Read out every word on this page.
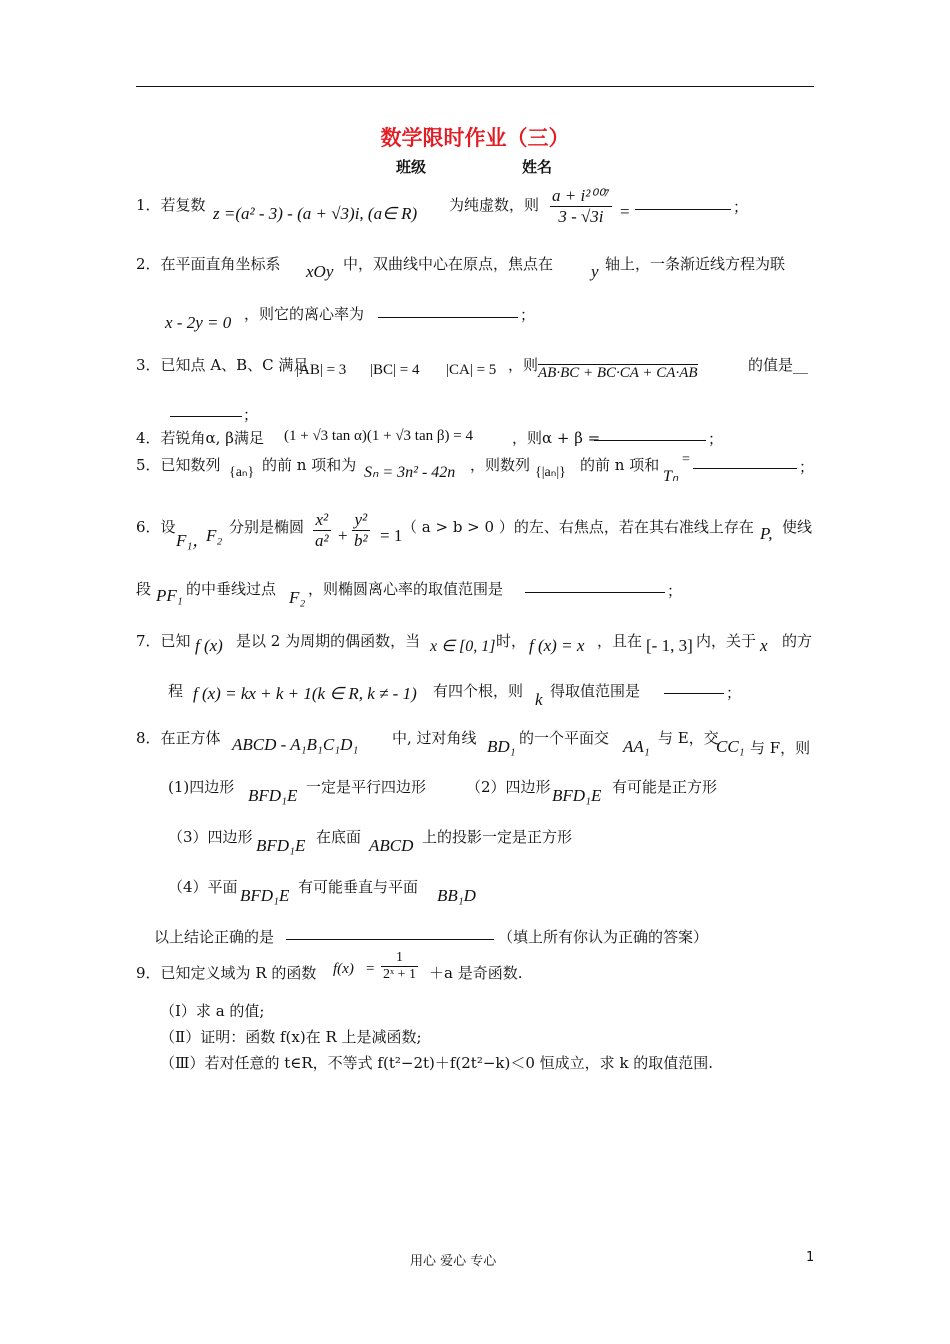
数学限时作业（三）
班级	姓名
1．若复数 z =(a² - 3) - (a + √3)i, (a∈ R) 为纯虚数，则 $\frac{\text{a + i²⁰⁰⁷}}{3 - √3i}$ =	；
2．在平面直角坐标系 xOy 中，双曲线中心在原点，焦点在 y 轴上，一条渐近线方程为联
x - 2y = 0 ，则它的离心率为	；
3．已知点 A、B、C 满足
|AB| = 3 |BC| = 4 |CA| = 5 ，则 AB·BC + BC·CA + CA·AB	的值是__
；
4．若锐角α, β满足 (1 + √3 tan α)(1 + √3 tan β) = 4	，则α + β =	；
5．已知数列 {aₙ} 的前 n 项和为 Sₙ = 3n² - 42n ，则数列 {|aₙ|} 的前 n 项和
Tₙ
=	；
6．设
F₁，
F₂ 分别是椭圆 $\frac{\text{x²}}{\text{a²}} + \frac{\text{y²}}{\text{b²}} = 1$ （ a > b > 0 ）的左、右焦点，若在其右准线上存在 P, 使线
段 PF₁ 的中垂线过点 F₂ ，则椭圆离心率的取值范围是	；
7．已知 f (x) 是以 2 为周期的偶函数，当 x ∈ [0, 1] 时， f (x) = x ，且在 [- 1, 3] 内，关于 x 的方
程 f (x) = kx + k + 1(k ∈ R, k ≠ - 1) 有四个根，则 k 得取值范围是	；
8．在正方体 ABCD - A₁B₁C₁D₁ 中, 过对角线 BD₁ 的一个平面交 AA₁ 与 E，交
CC₁ 与 F，则
(1)四边形 BFD₁E 一定是平行四边形	（2）四边形 BFD₁E 有可能是正方形
（3）四边形 BFD₁E 在底面 ABCD 上的投影一定是正方形
（4）平面 BFD₁E 有可能垂直与平面 BB₁D
以上结论正确的是	（填上所有你认为正确的答案）
9．已知定义域为 R 的函数 $f(x) = \frac{1}{\text{2ˣ + 1}} +a$ 是奇函数.
（Ⅰ）求 a 的值;
（Ⅱ）证明：函数 f(x)在 R 上是减函数;
（Ⅲ）若对任意的 t∈R，不等式 f(t²−2t)＋f(2t²−k)＜0 恒成立，求 k 的取值范围.
用心 爱心 专心	1
